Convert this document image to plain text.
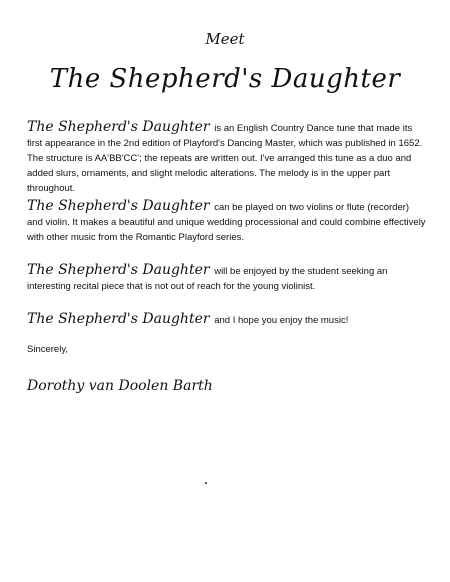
Meet
The Shepherd's Daughter
The Shepherd's Daughter is an English Country Dance tune that made its first appearance in the 2nd edition of Playford's Dancing Master, which was published in 1652. The structure is AA'BB'CC'; the repeats are written out. I've arranged this tune as a duo and added slurs, ornaments, and slight melodic alterations. The melody is in the upper part throughout.
The Shepherd's Daughter can be played on two violins or flute (recorder) and violin. It makes a beautiful and unique wedding processional and could combine effectively with other music from the Romantic Playford series.
The Shepherd's Daughter will be enjoyed by the student seeking an interesting recital piece that is not out of reach for the young violinist.
The Shepherd's Daughter and I hope you enjoy the music!
Sincerely,
Dorothy van Doolen Barth
